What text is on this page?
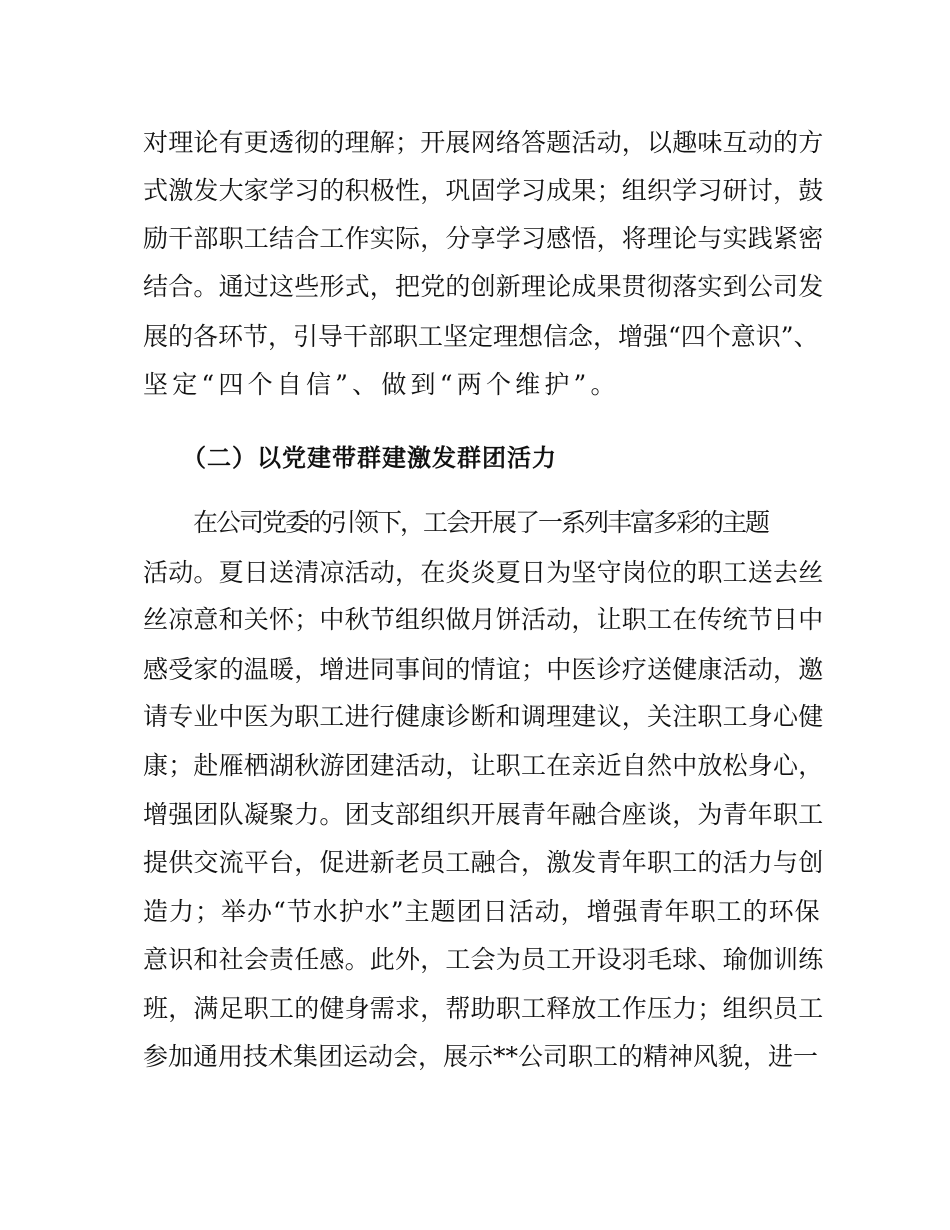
对理论有更透彻的理解；开展网络答题活动，以趣味互动的方
式激发大家学习的积极性，巩固学习成果；组织学习研讨，鼓
励干部职工结合工作实际，分享学习感悟，将理论与实践紧密
结合。通过这些形式，把党的创新理论成果贯彻落实到公司发
展的各环节，引导干部职工坚定理想信念，增强“四个意识”、
坚定“四个自信”、做到“两个维护”。
（二）以党建带群建激发群团活力
在公司党委的引领下，工会开展了一系列丰富多彩的主题
活动。夏日送清凉活动，在炎炎夏日为坚守岗位的职工送去丝
丝凉意和关怀；中秋节组织做月饼活动，让职工在传统节日中
感受家的温暖，增进同事间的情谊；中医诊疗送健康活动，邀
请专业中医为职工进行健康诊断和调理建议，关注职工身心健
康；赴雁栖湖秋游团建活动，让职工在亲近自然中放松身心，
增强团队凝聚力。团支部组织开展青年融合座谈，为青年职工
提供交流平台，促进新老员工融合，激发青年职工的活力与创
造力；举办“节水护水”主题团日活动，增强青年职工的环保
意识和社会责任感。此外，工会为员工开设羽毛球、瑜伽训练
班，满足职工的健身需求，帮助职工释放工作压力；组织员工
参加通用技术集团运动会，展示**公司职工的精神风貌，进一
